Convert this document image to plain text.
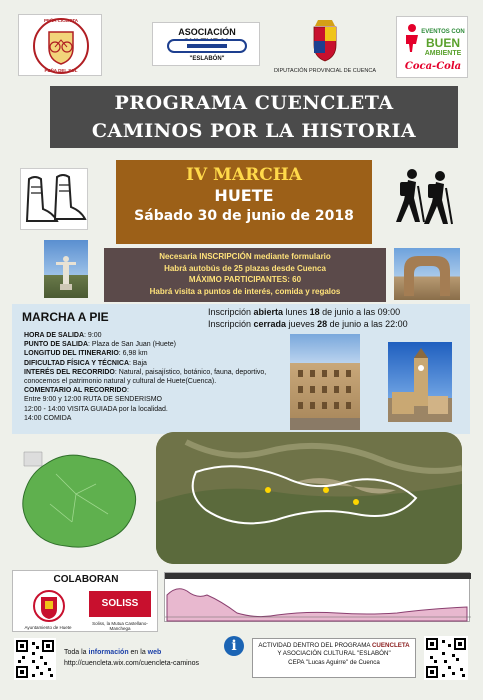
PEÑA CICLISTA
PEÑA DEL SOL
ASOCIACIÓN
"ESLABÓN"
DIPUTACIÓN PROVINCIAL DE CUENCA
EVENTOS CON
BUEN
AMBIENTE
Coca-Cola
PROGRAMA CUENCLETA
CAMINOS POR LA HISTORIA
IV MARCHA
HUETE
Sábado 30 de junio de 2018
Necesaria INSCRIPCIÓN mediante formulario
Habrá autobús de 25 plazas desde Cuenca
MÁXIMO PARTICIPANTES: 60
Habrá visita a puntos de interés, comida y regalos
MARCHA A PIE	Inscripción abierta lunes 18 de junio a las 09:00
Inscripción cerrada jueves 28 de junio a las 22:00
HORA DE SALIDA: 9:00
PUNTO DE SALIDA: Plaza de San Juan (Huete)
LONGITUD DEL ITINERARIO: 6,98 km
DIFICULTAD FÍSICA Y TÉCNICA: Baja
INTERÉS DEL RECORRIDO: Natural, paisajístico, botánico, fauna, deportivo, conocemos el patrimonio natural y cultural de Huete(Cuenca).
COMENTARIO AL RECORRIDO:
Entre 9:00 y 12:00 RUTA DE SENDERISMO
12:00 - 14:00 VISITA GUIADA por la localidad.
14:00 COMIDA
COLABORAN
Ayuntamiento de Huete
SOLISS
Soliss, la Mutua Castellano-Manchega
Toda la información en la web
http://cuencleta.wix.com/cuencleta-caminos
i	ACTIVIDAD DENTRO DEL PROGRAMA CUENCLETA
Y ASOCIACIÓN CULTURAL "ESLABÓN"
CEPA "Lucas Aguirre" de Cuenca
